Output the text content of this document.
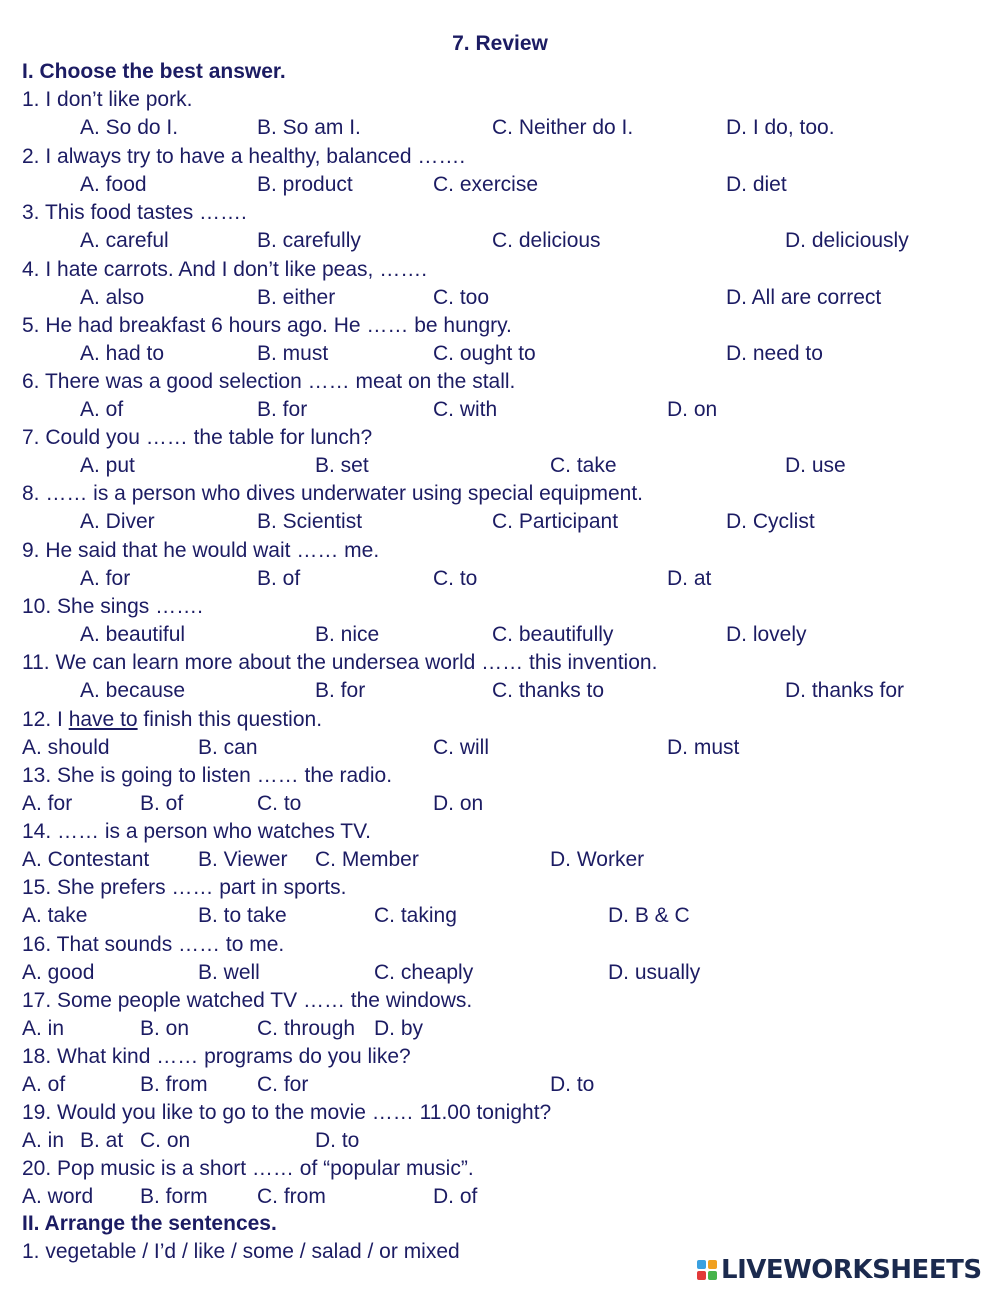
7. Review
I. Choose the best answer.
1. I don’t like pork.
A. So do I.	B. So am I.	C. Neither do I.	D. I do, too.
2. I always try to have a healthy, balanced …….
A. food	B. product	C. exercise	D. diet
3. This food tastes …….
A. careful	B. carefully	C. delicious	D. deliciously
4. I hate carrots. And I don’t like peas, …….
A. also	B. either	C. too	D. All are correct
5. He had breakfast 6 hours ago. He …… be hungry.
A. had to	B. must	C. ought to	D. need to
6. There was a good selection …… meat on the stall.
A. of	B. for	C. with	D. on
7. Could you …… the table for lunch?
A. put	B. set	C. take	D. use
8. …… is a person who dives underwater using special equipment.
A. Diver	B. Scientist	C. Participant	D. Cyclist
9. He said that he would wait …… me.
A. for	B. of	C. to	D. at
10. She sings …….
A. beautiful	B. nice	C. beautifully	D. lovely
11. We can learn more about the undersea world …… this invention.
A. because	B. for	C. thanks to	D. thanks for
12. I have to finish this question.
A. should	B. can	C. will	D. must
13. She is going to listen …… the radio.
A. for	B. of	C. to	D. on
14. …… is a person who watches TV.
A. Contestant B. Viewer C. Member	D. Worker
15. She prefers …… part in sports.
A. take	B. to take	C. taking	D. B & C
16. That sounds …… to me.
A. good	B. well	C. cheaply	D. usually
17. Some people watched TV …… the windows.
A. in	B. on	C. through D. by
18. What kind …… programs do you like?
A. of	B. from C. for	D. to
19. Would you like to go to the movie …… 11.00 tonight?
A. in B. at C. on	D. to
20. Pop music is a short …… of “popular music”.
A. word B. form C. from	D. of
II. Arrange the sentences.
1. vegetable / I’d / like / some / salad / or mixed
LIVEWORKSHEETS
